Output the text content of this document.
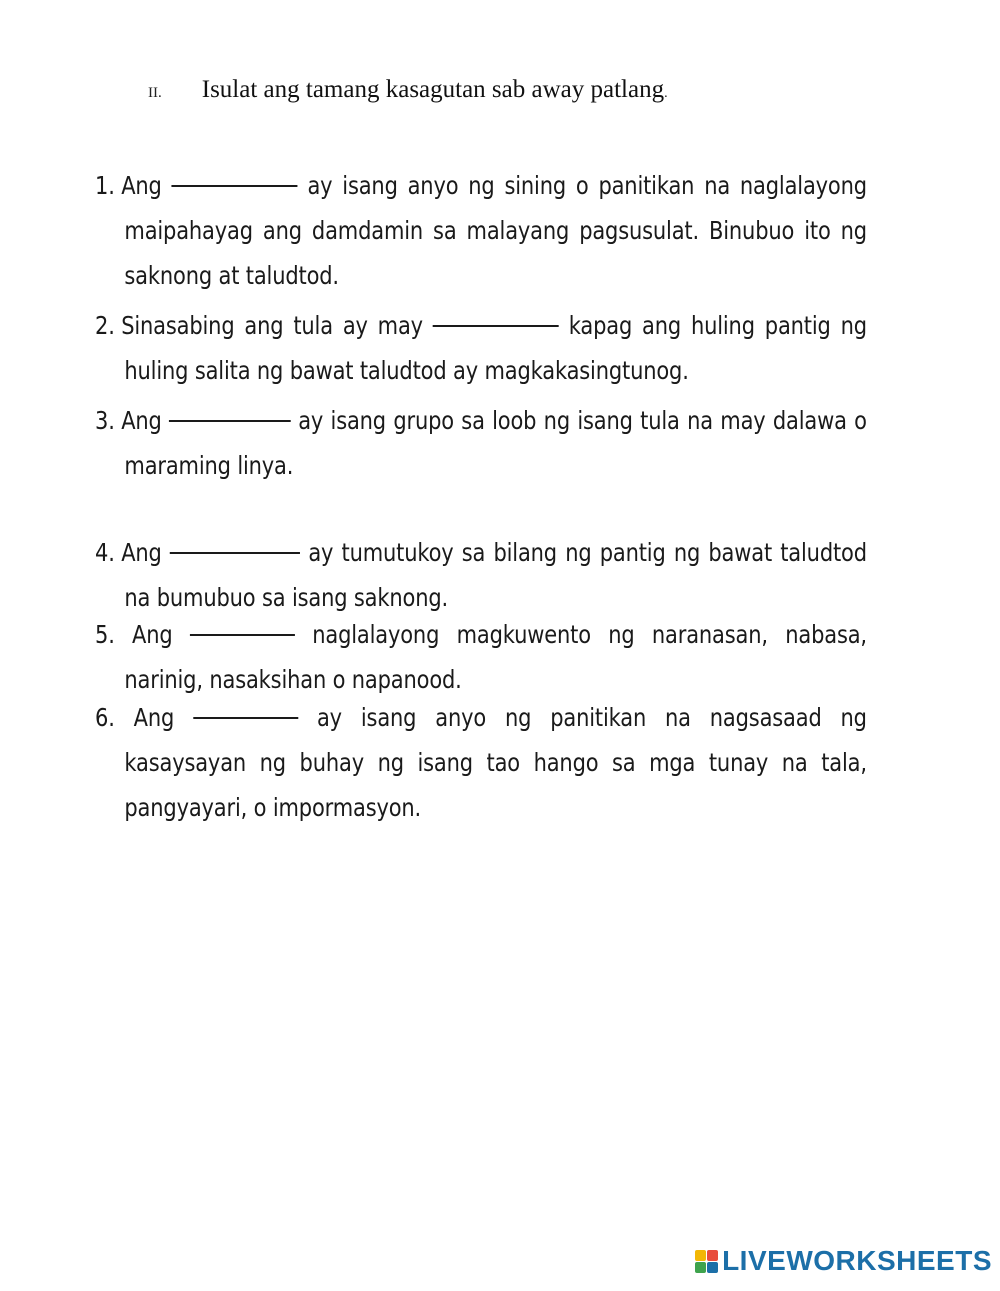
II. Isulat ang tamang kasagutan sab away patlang.
1. Ang	ay isang anyo ng sining o panitikan na naglalayong
maipahayag ang damdamin sa malayang pagsusulat. Binubuo ito ng
saknong at taludtod.
2. Sinasabing ang tula ay may	kapag ang huling pantig ng
huling salita ng bawat taludtod ay magkakasingtunog.
3. Ang	ay isang grupo sa loob ng isang tula na may dalawa o
maraming linya.
4. Ang	ay tumutukoy sa bilang ng pantig ng bawat taludtod
na bumubuo sa isang saknong.
5. Ang	naglalayong magkuwento ng naranasan, nabasa,
narinig, nasaksihan o napanood.
6. Ang	ay isang anyo ng panitikan na nagsasaad ng
kasaysayan ng buhay ng isang tao hango sa mga tunay na tala,
pangyayari, o impormasyon.
LIVEWORKSHEETS
